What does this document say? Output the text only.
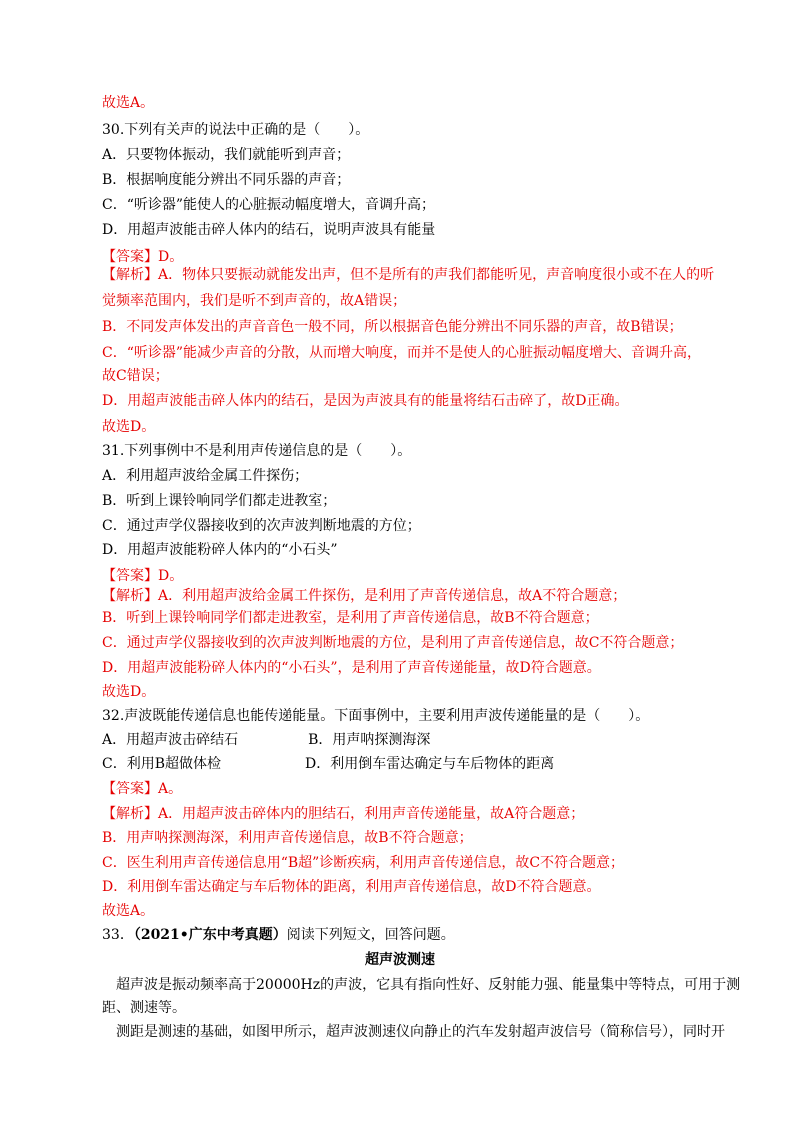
故选A。
30.下列有关声的说法中正确的是（　　）。
A．只要物体振动，我们就能听到声音；
B．根据响度能分辨出不同乐器的声音；
C．“听诊器”能使人的心脏振动幅度增大，音调升高；
D．用超声波能击碎人体内的结石，说明声波具有能量
【答案】D。
【解析】A．物体只要振动就能发出声，但不是所有的声我们都能听见，声音响度很小或不在人的听
觉频率范围内，我们是听不到声音的，故A错误；
B．不同发声体发出的声音音色一般不同，所以根据音色能分辨出不同乐器的声音，故B错误；
C．“听诊器”能减少声音的分散，从而增大响度，而并不是使人的心脏振动幅度增大、音调升高，
故C错误；
D．用超声波能击碎人体内的结石，是因为声波具有的能量将结石击碎了，故D正确。
故选D。
31.下列事例中不是利用声传递信息的是（　　）。
A．利用超声波给金属工件探伤；
B．听到上课铃响同学们都走进教室；
C．通过声学仪器接收到的次声波判断地震的方位；
D．用超声波能粉碎人体内的“小石头”
【答案】D。
【解析】A．利用超声波给金属工件探伤，是利用了声音传递信息，故A不符合题意；
B．听到上课铃响同学们都走进教室，是利用了声音传递信息，故B不符合题意；
C．通过声学仪器接收到的次声波判断地震的方位，是利用了声音传递信息，故C不符合题意；
D．用超声波能粉碎人体内的“小石头”，是利用了声音传递能量，故D符合题意。
故选D。
32.声波既能传递信息也能传递能量。下面事例中，主要利用声波传递能量的是（　　）。
A．用超声波击碎结石　　　　　B．用声呐探测海深
C．利用B超做体检　　　　　　D．利用倒车雷达确定与车后物体的距离
【答案】A。
【解析】A．用超声波击碎体内的胆结石，利用声音传递能量，故A符合题意；
B．用声呐探测海深，利用声音传递信息，故B不符合题意；
C．医生利用声音传递信息用“B超”诊断疾病，利用声音传递信息，故C不符合题意；
D．利用倒车雷达确定与车后物体的距离，利用声音传递信息，故D不符合题意。
故选A。
33．（2021•广东中考真题）阅读下列短文，回答问题。
超声波测速
超声波是振动频率高于20000Hz的声波，它具有指向性好、反射能力强、能量集中等特点，可用于测
距、测速等。
测距是测速的基础，如图甲所示，超声波测速仪向静止的汽车发射超声波信号（简称信号），同时开
